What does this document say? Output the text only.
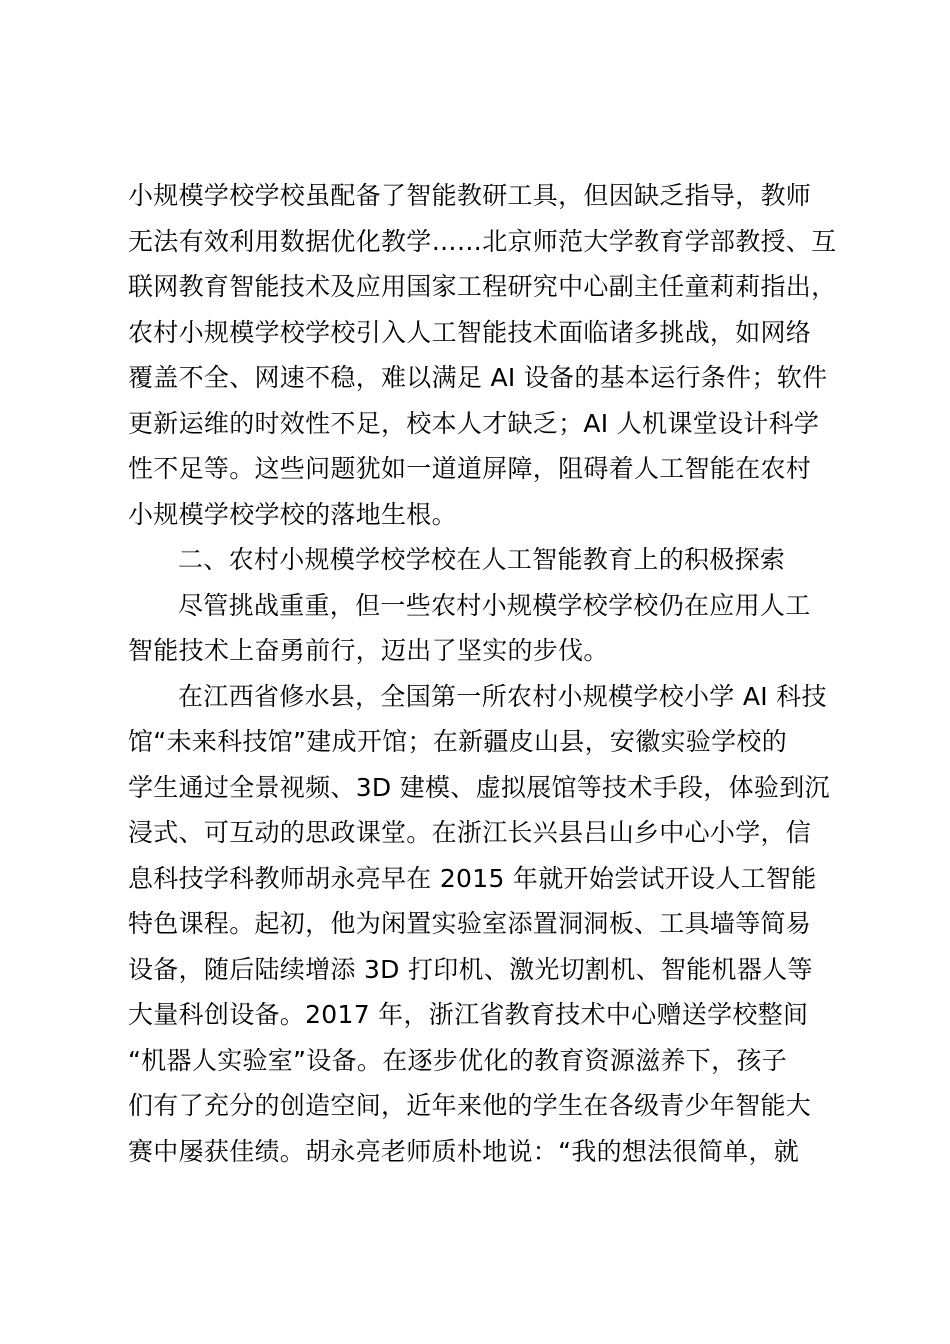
小规模学校学校虽配备了智能教研工具，但因缺乏指导，教师
无法有效利用数据优化教学……北京师范大学教育学部教授、互
联网教育智能技术及应用国家工程研究中心副主任童莉莉指出，
农村小规模学校学校引入人工智能技术面临诸多挑战，如网络
覆盖不全、网速不稳，难以满足 AI 设备的基本运行条件；软件
更新运维的时效性不足，校本人才缺乏；AI 人机课堂设计科学
性不足等。这些问题犹如一道道屏障，阻碍着人工智能在农村
小规模学校学校的落地生根。
二、农村小规模学校学校在人工智能教育上的积极探索
尽管挑战重重，但一些农村小规模学校学校仍在应用人工
智能技术上奋勇前行，迈出了坚实的步伐。
在江西省修水县，全国第一所农村小规模学校小学 AI 科技
馆“未来科技馆”建成开馆；在新疆皮山县，安徽实验学校的
学生通过全景视频、3D 建模、虚拟展馆等技术手段，体验到沉
浸式、可互动的思政课堂。在浙江长兴县吕山乡中心小学，信
息科技学科教师胡永亮早在 2015 年就开始尝试开设人工智能
特色课程。起初，他为闲置实验室添置洞洞板、工具墙等简易
设备，随后陆续增添 3D 打印机、激光切割机、智能机器人等
大量科创设备。2017 年，浙江省教育技术中心赠送学校整间
“机器人实验室”设备。在逐步优化的教育资源滋养下，孩子
们有了充分的创造空间，近年来他的学生在各级青少年智能大
赛中屡获佳绩。胡永亮老师质朴地说：“我的想法很简单，就
